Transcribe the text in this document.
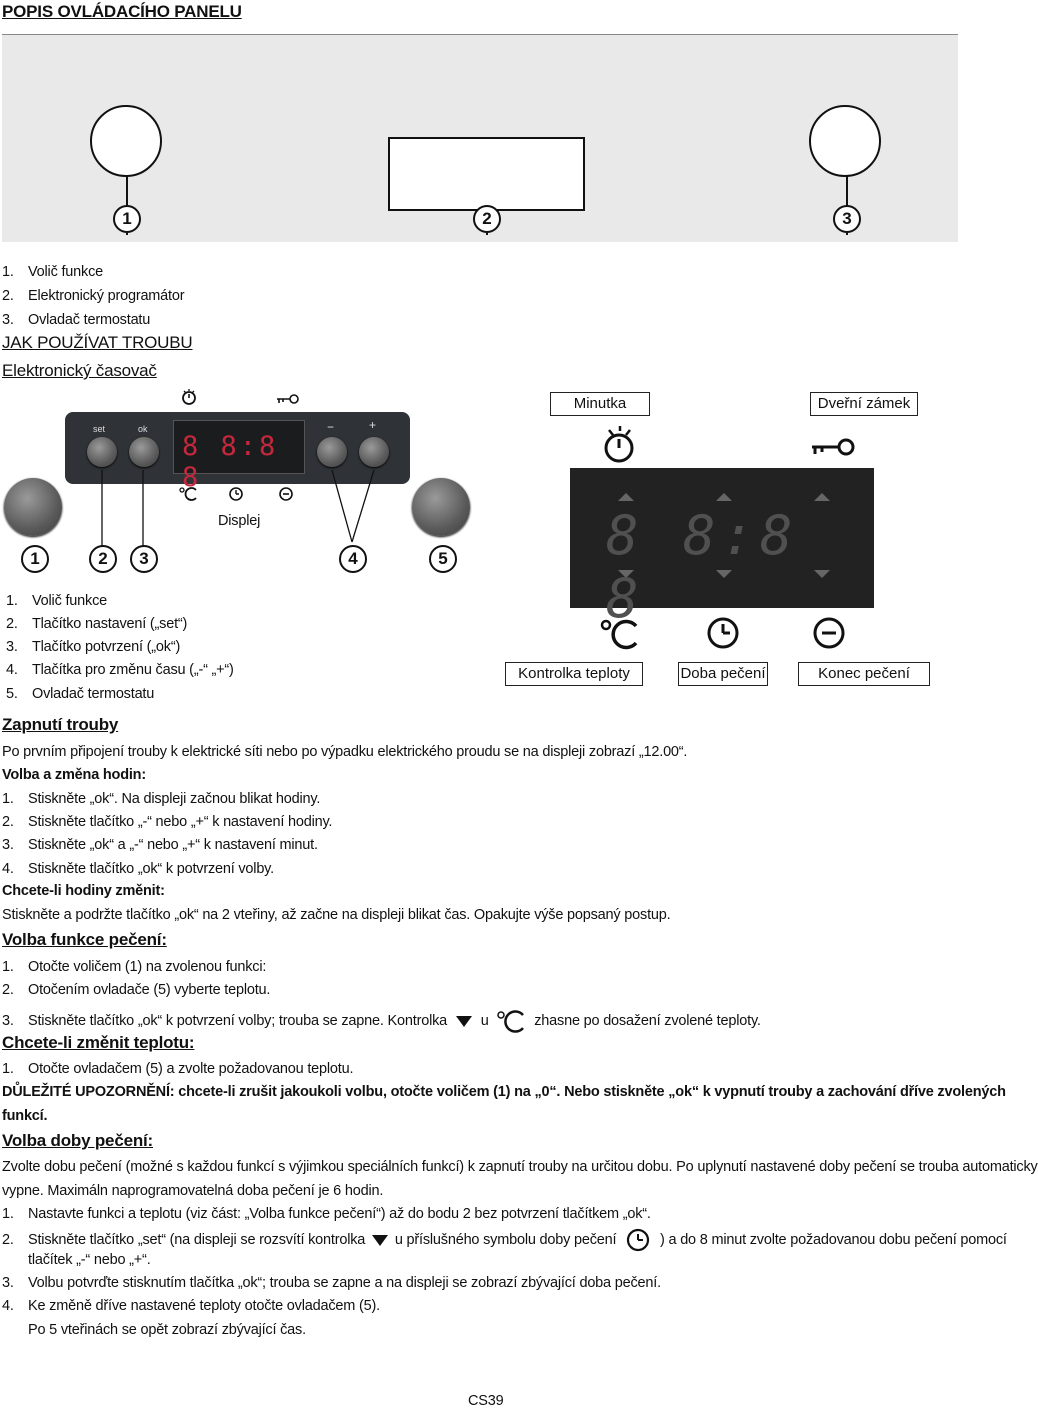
POPIS OVLÁDACÍHO PANELU
1	2	3
1. Volič funkce
2. Elektronický programátor
3. Ovladač termostatu
JAK POUŽÍVAT TROUBU
Elektronický časovač
set	ok
8 8:8 8
−	+
Displej
1	2	3	4	5
Minutka	Dveřní zámek
8 8:8 8
Kontrolka teploty	Doba pečení	Konec pečení
1. Volič funkce
2. Tlačítko nastavení („set“)
3. Tlačítko potvrzení („ok“)
4. Tlačítka pro změnu času („-“ „+“)
5. Ovladač termostatu
Zapnutí trouby
Po prvním připojení trouby k elektrické síti nebo po výpadku elektrického proudu se na displeji zobrazí „12.00“.
Volba a změna hodin:
1. Stiskněte „ok“. Na displeji začnou blikat hodiny.
2. Stiskněte tlačítko „-“ nebo „+“ k nastavení hodiny.
3. Stiskněte „ok“ a „-“ nebo „+“ k nastavení minut.
4. Stiskněte tlačítko „ok“ k potvrzení volby.
Chcete-li hodiny změnit:
Stiskněte a podržte tlačítko „ok“ na 2 vteřiny, až začne na displeji blikat čas. Opakujte výše popsaný postup.
Volba funkce pečení:
1. Otočte voličem (1) na zvolenou funkci:
2. Otočením ovladače (5) vyberte teplotu.
3. Stiskněte tlačítko „ok“ k potvrzení volby; trouba se zapne. Kontrolka u	zhasne po dosažení zvolené teploty.
Chcete-li změnit teplotu:
1. Otočte ovladačem (5) a zvolte požadovanou teplotu.
DŮLEŽITÉ UPOZORNĚNÍ: chcete-li zrušit jakoukoli volbu, otočte voličem (1) na „0“. Nebo stiskněte „ok“ k vypnutí trouby a zachování dříve zvolených
funkcí.
Volba doby pečení:
Zvolte dobu pečení (možné s každou funkcí s výjimkou speciálních funkcí) k zapnutí trouby na určitou dobu. Po uplynutí nastavené doby pečení se trouba automaticky
vypne. Maximáln naprogramovatelná doba pečení je 6 hodin.
1. Nastavte funkci a teplotu (viz část: „Volba funkce pečení“) až do bodu 2 bez potvrzení tlačítkem „ok“.
2. Stiskněte tlačítko „set“ (na displeji se rozsvítí kontrolka u příslušného symbolu doby pečení	) a do 8 minut zvolte požadovanou dobu pečení pomocí
tlačítek „-“ nebo „+“.
3. Volbu potvrďte stisknutím tlačítka „ok“; trouba se zapne a na displeji se zobrazí zbývající doba pečení.
4. Ke změně dříve nastavené teploty otočte ovladačem (5).
Po 5 vteřinách se opět zobrazí zbývající čas.
CS39
